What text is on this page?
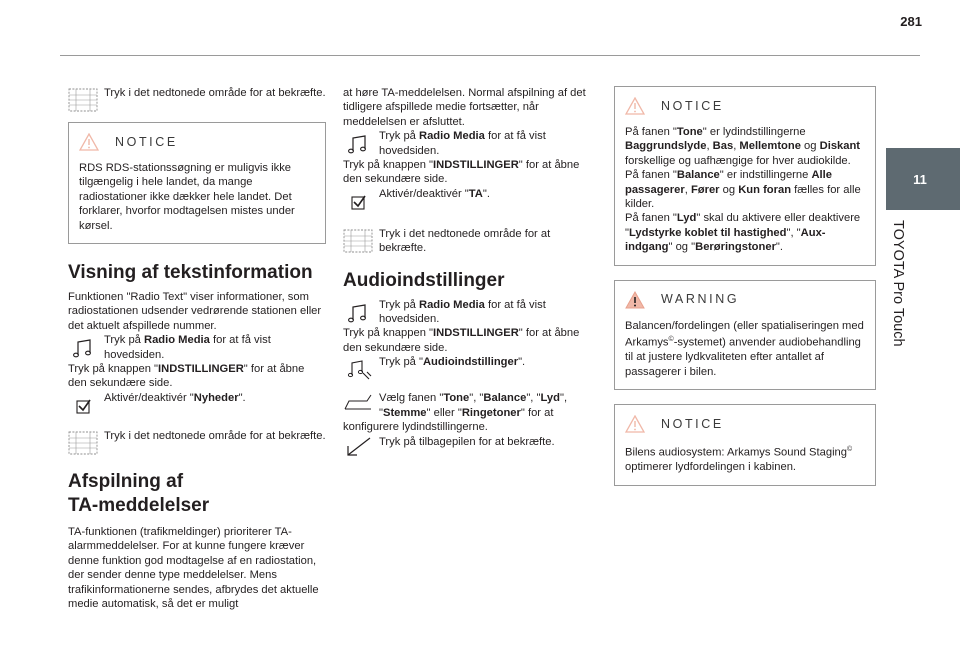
281
11
TOYOTA Pro Touch

Tryk i det nedtonede område for at bekræfte.

NOTICE

RDS RDS-stationssøgning er muligvis ikke tilgængelig i hele landet, da mange radiostationer ikke dækker hele landet. Det forklarer, hvorfor modtagelsen mistes under kørsel.

Visning af tekstinformation

Funktionen "Radio Text" viser informationer, som radiostationen udsender vedrørende stationen eller det aktuelt afspillede nummer.

Tryk på Radio Media for at få vist hovedsiden.

Tryk på knappen "INDSTILLINGER" for at åbne den sekundære side.

Aktivér/deaktivér "Nyheder".

Tryk i det nedtonede område for at bekræfte.

Afspilning af
TA-meddelelser

TA-funktionen (trafikmeldinger) prioriterer TA-alarmmeddelelser. For at kunne fungere kræver denne funktion god modtagelse af en radiostation, der sender denne type meddelelser. Mens trafikinformationerne sendes, afbrydes det aktuelle medie automatisk, så det er muligt

at høre TA-meddelelsen. Normal afspilning af det tidligere afspillede medie fortsætter, når meddelelsen er afsluttet.

Tryk på Radio Media for at få vist hovedsiden.

Tryk på knappen "INDSTILLINGER" for at åbne den sekundære side.

Aktivér/deaktivér "TA".

Tryk i det nedtonede område for at bekræfte.

Audioindstillinger

Tryk på Radio Media for at få vist hovedsiden.

Tryk på knappen "INDSTILLINGER" for at åbne den sekundære side.

Tryk på "Audioindstillinger".

Vælg fanen "Tone", "Balance", "Lyd",
"Stemme" eller "Ringetoner" for at

konfigurere lydindstillingerne.

Tryk på tilbagepilen for at bekræfte.

NOTICE

På fanen "Tone" er lydindstillingerne Baggrundslyde, Bas, Mellemtone og Diskant forskellige og uafhængige for hver audiokilde.

På fanen "Balance" er indstillingerne Alle passagerer, Fører og Kun foran fælles for alle kilder.

På fanen "Lyd" skal du aktivere eller deaktivere "Lydstyrke koblet til hastighed", "Aux-indgang" og "Berøringstoner".

WARNING

Balancen/fordelingen (eller spatialiseringen med Arkamys©-systemet) anvender audiobehandling til at justere lydkvaliteten efter antallet af passagerer i bilen.

NOTICE

Bilens audiosystem: Arkamys Sound Staging© optimerer lydfordelingen i kabinen.
